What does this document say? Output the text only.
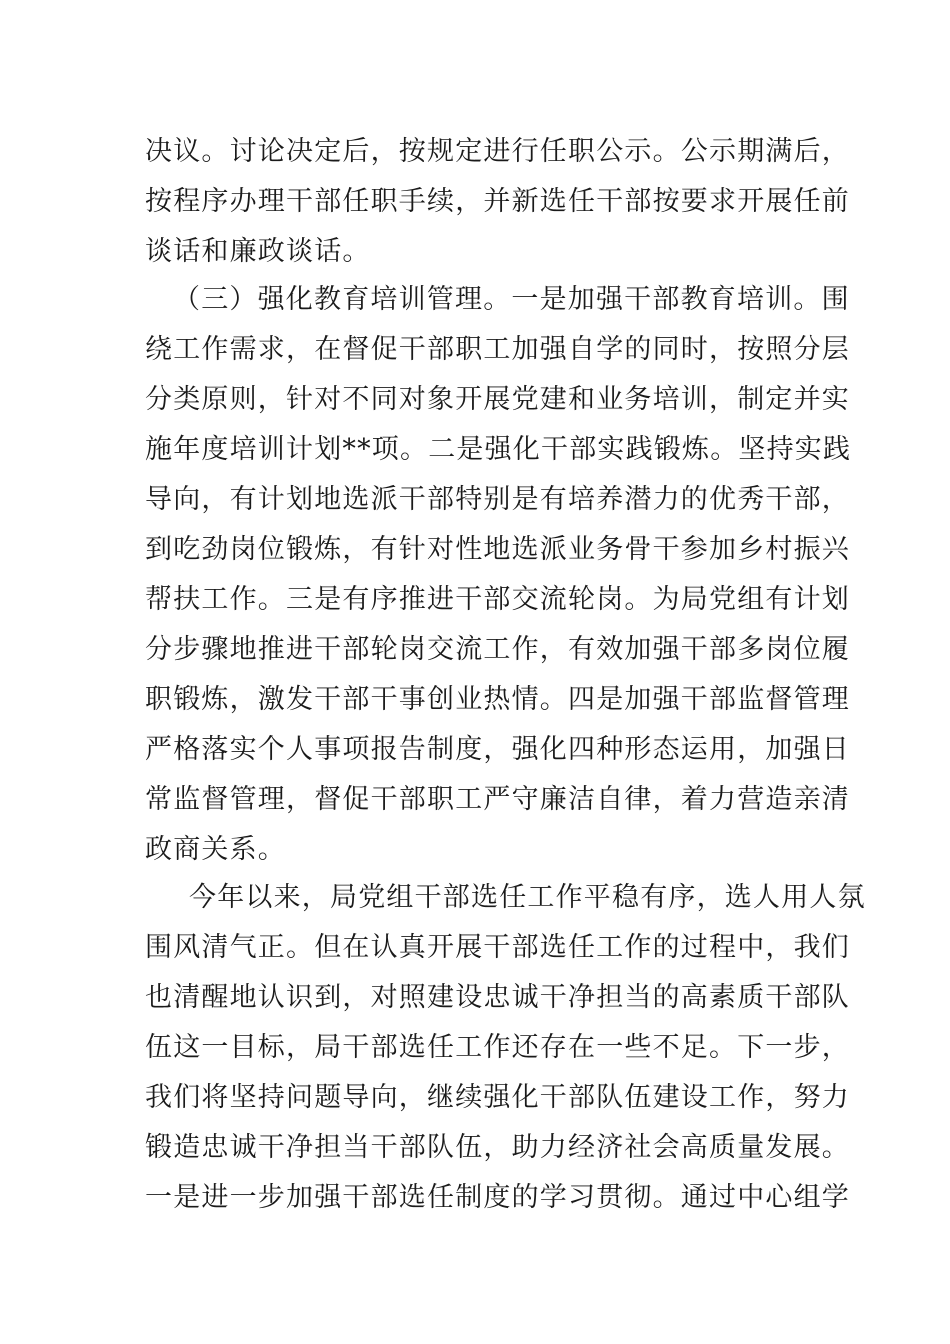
决议。讨论决定后，按规定进行任职公示。公示期满后，
按程序办理干部任职手续，并新选任干部按要求开展任前
谈话和廉政谈话。
（三）强化教育培训管理。一是加强干部教育培训。围
绕工作需求，在督促干部职工加强自学的同时，按照分层
分类原则，针对不同对象开展党建和业务培训，制定并实
施年度培训计划**项。二是强化干部实践锻炼。坚持实践
导向，有计划地选派干部特别是有培养潜力的优秀干部，
到吃劲岗位锻炼，有针对性地选派业务骨干参加乡村振兴
帮扶工作。三是有序推进干部交流轮岗。为局党组有计划
分步骤地推进干部轮岗交流工作，有效加强干部多岗位履
职锻炼，激发干部干事创业热情。四是加强干部监督管理
严格落实个人事项报告制度，强化四种形态运用，加强日
常监督管理，督促干部职工严守廉洁自律，着力营造亲清
政商关系。
今年以来，局党组干部选任工作平稳有序，选人用人氛
围风清气正。但在认真开展干部选任工作的过程中，我们
也清醒地认识到，对照建设忠诚干净担当的高素质干部队
伍这一目标，局干部选任工作还存在一些不足。下一步，
我们将坚持问题导向，继续强化干部队伍建设工作，努力
锻造忠诚干净担当干部队伍，助力经济社会高质量发展。
一是进一步加强干部选任制度的学习贯彻。通过中心组学
